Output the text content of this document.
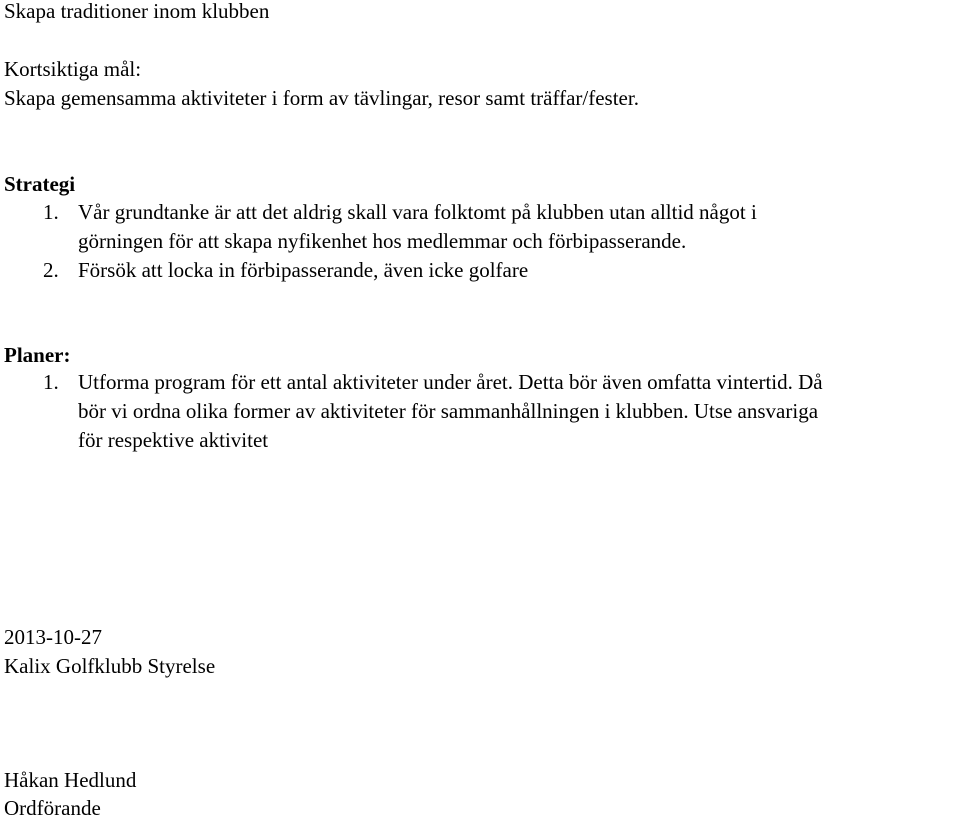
Skapa traditioner inom klubben

Kortsiktiga mål:

Skapa gemensamma aktiviteter i form av tävlingar, resor samt träffar/fester.

Strategi

1. Vår grundtanke är att det aldrig skall vara folktomt på klubben utan alltid något i
görningen för att skapa nyfikenhet hos medlemmar och förbipasserande.
2. Försök att locka in förbipasserande, även icke golfare

Planer:

1. Utforma program för ett antal aktiviteter under året. Detta bör även omfatta vintertid. Då
bör vi ordna olika former av aktiviteter för sammanhållningen i klubben. Utse ansvariga
för respektive aktivitet

2013-10-27

Kalix Golfklubb Styrelse

Håkan Hedlund

Ordförande
